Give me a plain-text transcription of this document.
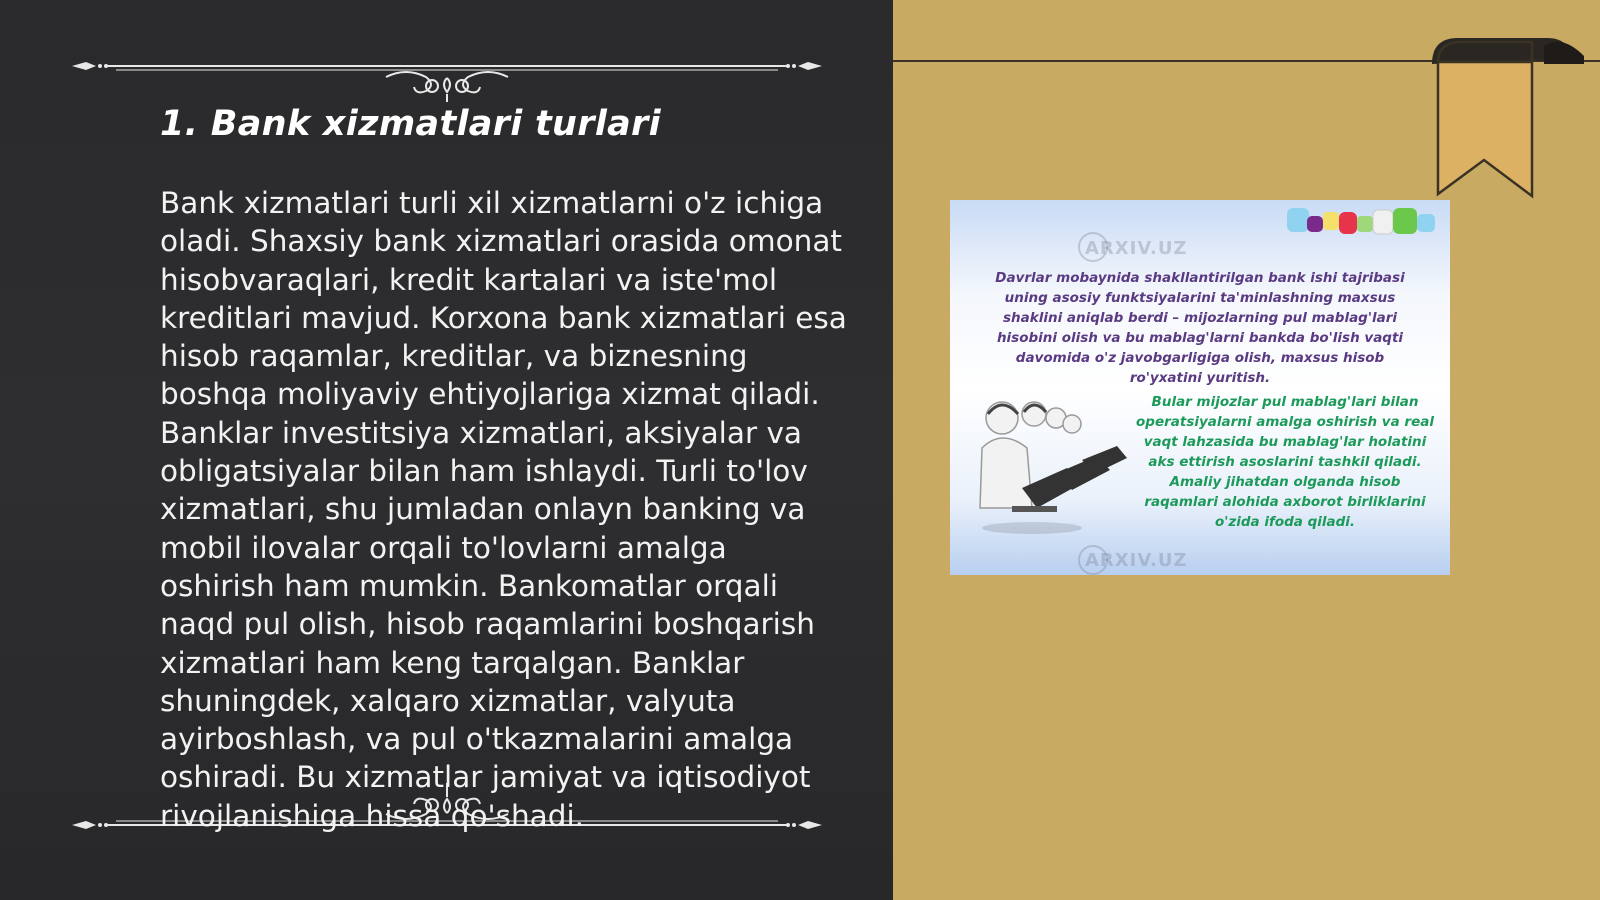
1. Bank xizmatlari turlari
Bank xizmatlari turli xil xizmatlarni o'z ichiga oladi. Shaxsiy bank xizmatlari orasida omonat hisobvaraqlari, kredit kartalari va iste'mol kreditlari mavjud. Korxona bank xizmatlari esa hisob raqamlar, kreditlar, va biznesning boshqa moliyaviy ehtiyojlariga xizmat qiladi. Banklar investitsiya xizmatlari, aksiyalar va obligatsiyalar bilan ham ishlaydi. Turli to'lov xizmatlari, shu jumladan onlayn banking va mobil ilovalar orqali to'lovlarni amalga oshirish ham mumkin. Bankomatlar orqali naqd pul olish, hisob raqamlarini boshqarish xizmatlari ham keng tarqalgan. Banklar shuningdek, xalqaro xizmatlar, valyuta ayirboshlash, va pul o'tkazmalarini amalga oshiradi. Bu xizmatlar jamiyat va iqtisodiyot rivojlanishiga hissa qo'shadi.
ARXIV.UZ
Davrlar mobaynida shakllantirilgan bank ishi tajribasi uning asosiy funktsiyalarini ta'minlashning maxsus shaklini aniqlab berdi – mijozlarning pul mablag'lari hisobini olish va bu mablag'larni bankda bo'lish vaqti davomida o'z javobgarligiga olish, maxsus hisob ro'yxatini yuritish.
Bular mijozlar pul mablag'lari bilan operatsiyalarni amalga oshirish va real vaqt lahzasida bu mablag'lar holatini aks ettirish asoslarini tashkil qiladi. Amaliy jihatdan olganda hisob raqamlari alohida axborot birliklarini o'zida ifoda qiladi.
ARXIV.UZ
